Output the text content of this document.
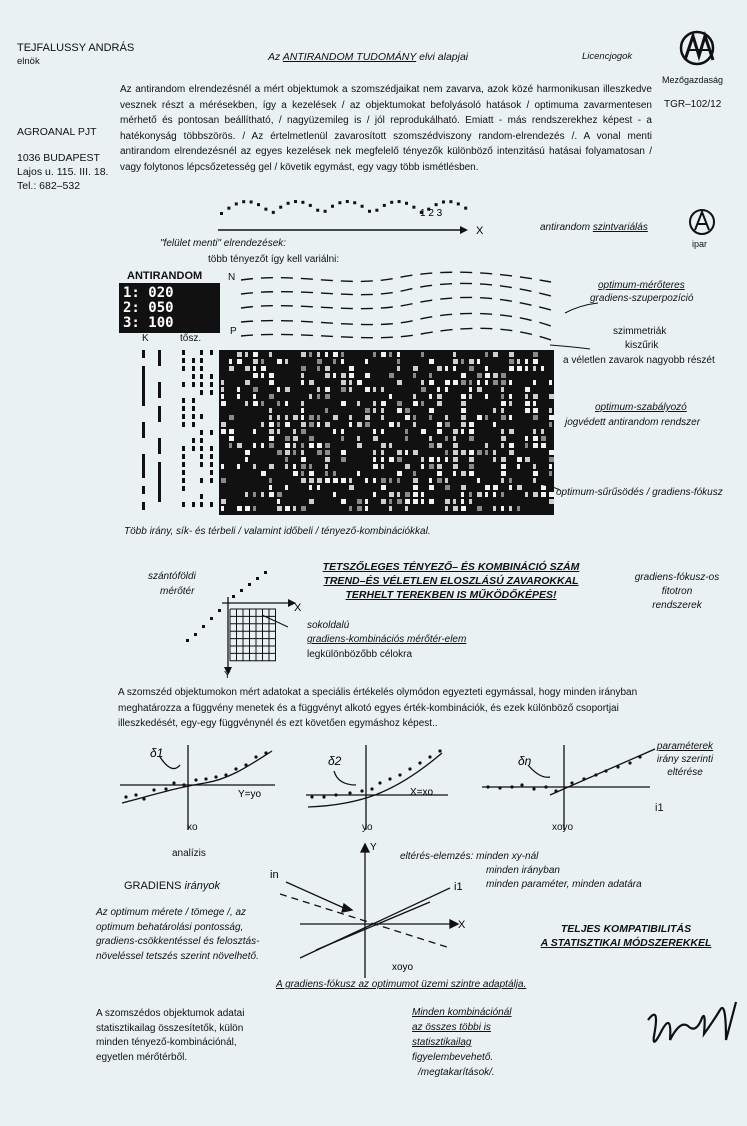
TEJFALUSSY ANDRÁS
elnök	Az ANTIRANDOM TUDOMÁNY elvi alapjai	Licencjogok
Mezőgazdaság
TGR–102/12
AGROANAL PJT
1036 BUDAPEST
Lajos u. 115. III. 18.
Tel.: 682–532
Az antirandom elrendezésnél a mért objektumok a szomszédjaikat nem zavarva, azok közé harmonikusan illeszkedve vesznek részt a mérésekben, így a kezelések / az objektumokat befolyásoló hatások / optimuma zavarmentesen mérhető és pontosan beállítható, / nagyüzemileg is / jól reprodukálható. Emiatt - más rendszerekhez képest - a hatékonyság többszörös. / Az értelmetlenül zavarosított szomszédviszony random-elrendezés /. A vonal menti antirandom elrendezésnél az egyes kezelések nek megfelelő tényezők különböző intenzitású hatásai folyamatosan / vagy folytonos lépcsőzetesség gel / követik egymást, egy vagy több ismétlésben.
X
1 2 3
antirandom szintvariálás
ipar
"felület menti" elrendezések:
több tényezőt így kell variálni:
ANTIRANDOM
1: 020
2: 050
3: 100
K	tősz.
N
P
Több irány, sík- és térbeli / valamint időbeli / tényező-kombinációkkal.
optimum-mérőteres
gradiens-szuperpozíció
szimmetriák
kiszűrik
a véletlen zavarok nagyobb részét
optimum-szabályozó
jogvédett antirandom rendszer
optimum-sűrűsödés / gradiens-fókusz
TETSZŐLEGES TÉNYEZŐ– ÉS KOMBINÁCIÓ SZÁM
TREND–ÉS VÉLETLEN ELOSZLÁSÚ ZAVAROKKAL
TERHELT TEREKBEN IS MŰKÖDŐKÉPES!
szántóföldi
mérőtér
X
Y
sokoldalú
gradiens-kombinációs mérőtér-elem
legkülönbözőbb célokra
gradiens-fókusz-os
fitotron
rendszerek
A szomszéd objektumokon mért adatokat a speciális értékelés olymódon egyezteti egymással, hogy minden irányban meghatározza a függvény menetek és a függvényt alkotó egyes érték-kombinációk, és ezek különböző csoportjai illeszkedését, egy-egy függvénynél és ezt követően egymáshoz képest..
δ1
Y=yo
δ2
X=xo
δn
xo	yo	xoyo
i1
paraméterek
irány szerinti
eltérése
analízis
GRADIENS irányok
Y
X
in
i1
xoyo
eltérés-elemzés: minden xy-nál
minden irányban
minden paraméter, minden adatára
A gradiens-fókusz az optimumot üzemi szintre adaptálja.
Az optimum mérete / tömege /, az optimum behatárolási pontosság, gradiens-csökkentéssel és felosztás-növeléssel tetszés szerint növelhető.
A szomszédos objektumok adatai statisztikailag összesítetők, külön minden tényező-kombinációnál, egyetlen mérőtérből.
TELJES KOMPATIBILITÁS
A STATISZTIKAI MÓDSZEREKKEL
Minden kombinációnál
az összes többi is
statisztikailag
figyelembevehető.
/megtakarítások/.
